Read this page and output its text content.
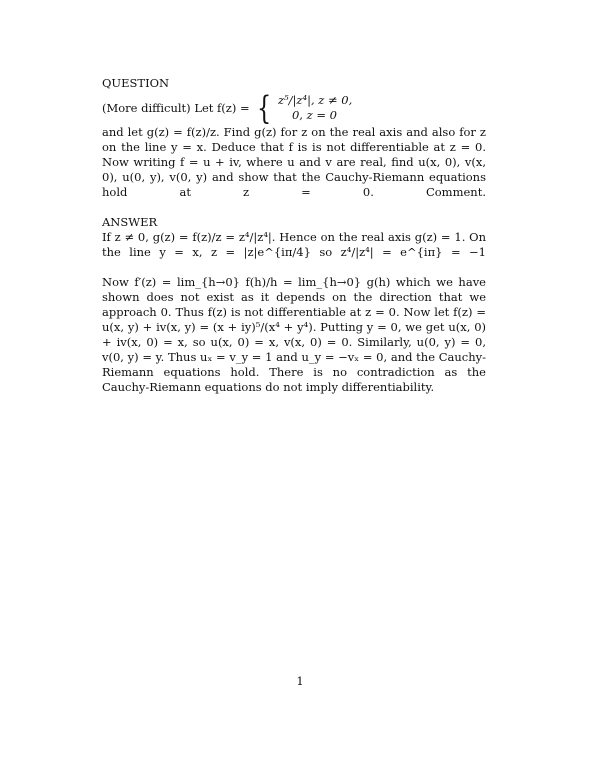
QUESTION

(More difficult) Let f(z) = { z⁵/|z⁴|, z ≠ 0,
0, z = 0

and let g(z) = f(z)/z. Find g(z) for z on the real axis and also for z on the line y = x. Deduce that f is is not differentiable at z = 0. Now writing f = u + iv, where u and v are real, find u(x, 0), v(x, 0), u(0, y), v(0, y) and show that the Cauchy-Riemann equations hold at z = 0. Comment.

ANSWER

If z ≠ 0, g(z) = f(z)/z = z⁴/|z⁴|. Hence on the real axis g(z) = 1. On the line y = x, z = |z|e^{iπ/4} so z⁴/|z⁴| = e^{iπ} = −1

Now f′(z) = lim_{h→0} f(h)/h = lim_{h→0} g(h) which we have shown does not exist as it depends on the direction that we approach 0. Thus f(z) is not differentiable at z = 0. Now let f(z) = u(x, y) + iv(x, y) = (x + iy)⁵/(x⁴ + y⁴). Putting y = 0, we get u(x, 0) + iv(x, 0) = x, so u(x, 0) = x, v(x, 0) = 0. Similarly, u(0, y) = 0, v(0, y) = y. Thus uₓ = v_y = 1 and u_y = −vₓ = 0, and the Cauchy-Riemann equations hold. There is no contradiction as the Cauchy-Riemann equations do not imply differentiability.

1
